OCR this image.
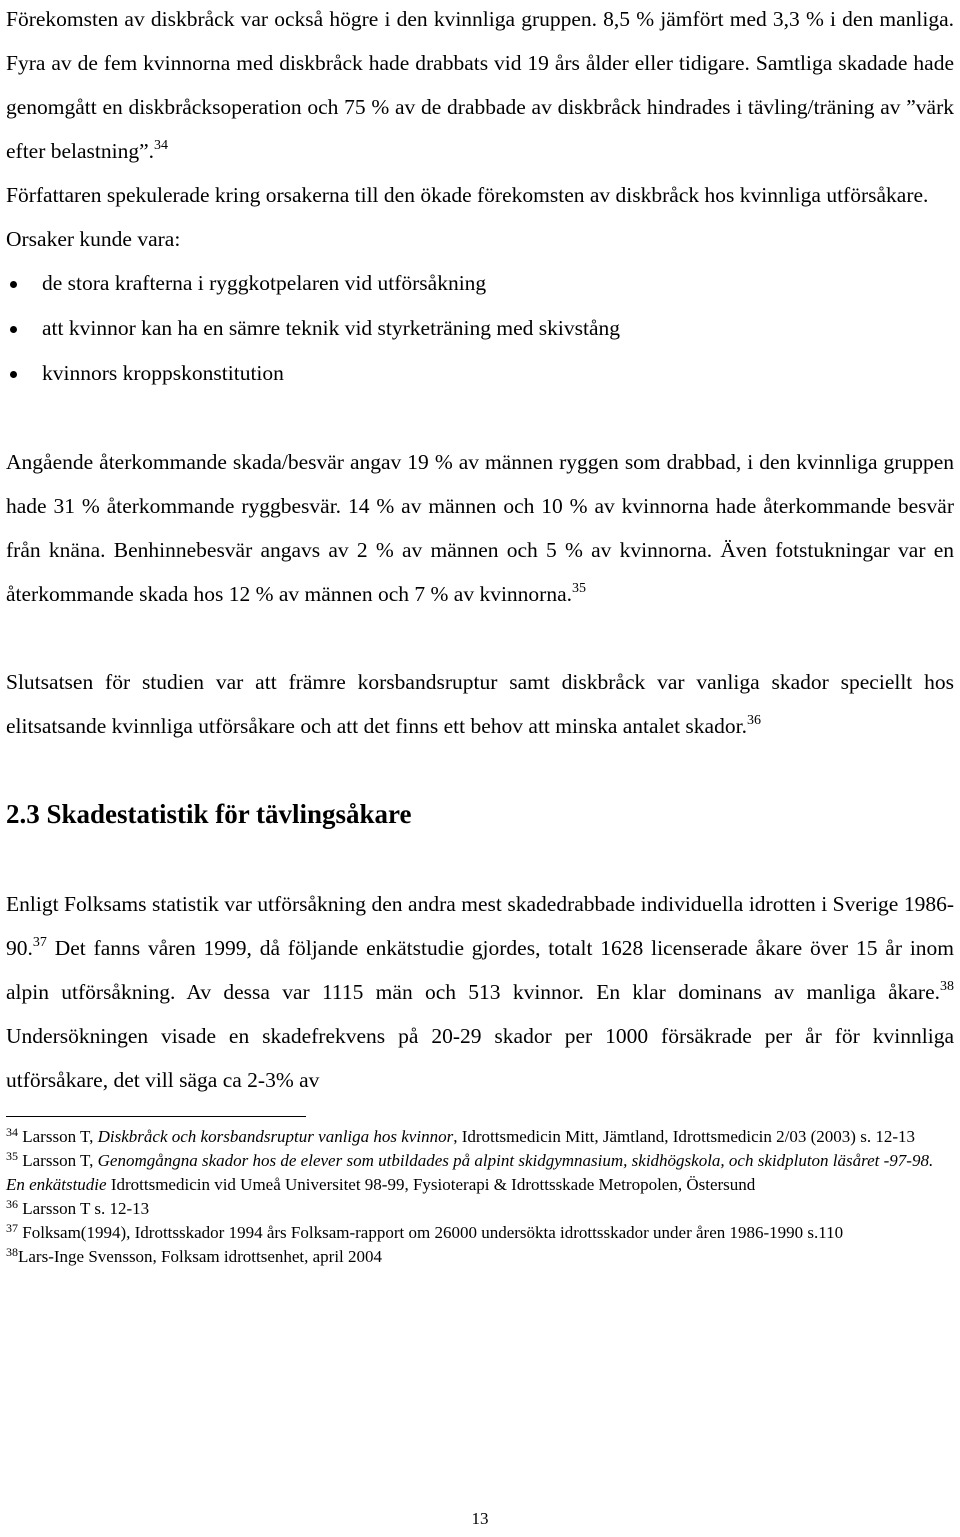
Förekomsten av diskbråck var också högre i den kvinnliga gruppen. 8,5 % jämfört med 3,3 % i den manliga. Fyra av de fem kvinnorna med diskbråck hade drabbats vid 19 års ålder eller tidigare. Samtliga skadade hade genomgått en diskbråcksoperation och 75 % av de drabbade av diskbråck hindrades i tävling/träning av ”värk efter belastning”.$^{34}$

Författaren spekulerade kring orsakerna till den ökade förekomsten av diskbråck hos kvinnliga utförsåkare.

Orsaker kunde vara:

de stora krafterna i ryggkotpelaren vid utförsåkning
att kvinnor kan ha en sämre teknik vid styrketräning med skivstång
kvinnors kroppskonstitution

Angående återkommande skada/besvär angav 19 % av männen ryggen som drabbad, i den kvinnliga gruppen hade 31 % återkommande ryggbesvär. 14 % av männen och 10 % av kvinnorna hade återkommande besvär från knäna. Benhinnebesvär angavs av 2 % av männen och 5 % av kvinnorna. Även fotstukningar var en återkommande skada hos 12 % av männen och 7 % av kvinnorna.$^{35}$

Slutsatsen för studien var att främre korsbandsruptur samt diskbråck var vanliga skador speciellt hos elitsatsande kvinnliga utförsåkare och att det finns ett behov att minska antalet skador.$^{36}$

2.3 Skadestatistik för tävlingsåkare

Enligt Folksams statistik var utförsåkning den andra mest skadedrabbade individuella idrotten i Sverige 1986-90.37 Det fanns våren 1999, då följande enkätstudie gjordes, totalt 1628 licenserade åkare över 15 år inom alpin utförsåkning. Av dessa var 1115 män och 513 kvinnor. En klar dominans av manliga åkare.$^{38}$ Undersökningen visade en skadefrekvens på 20-29 skador per 1000 försäkrade per år för kvinnliga utförsåkare, det vill säga ca 2-3% av

$^{34}$ Larsson T, Diskbråck och korsbandsruptur vanliga hos kvinnor, Idrottsmedicin Mitt, Jämtland, Idrottsmedicin 2/03 (2003) s. 12-13

$^{35}$ Larsson T, Genomgångna skador hos de elever som utbildades på alpint skidgymnasium, skidhögskola, och skidpluton läsåret -97-98. En enkätstudie Idrottsmedicin vid Umeå Universitet 98-99, Fysioterapi & Idrottsskade Metropolen, Östersund

$^{36}$ Larsson T s. 12-13

$^{37}$ Folksam(1994), Idrottsskador 1994 års Folksam-rapport om 26000 undersökta idrottsskador under åren 1986-1990 s.110

$^{38}$Lars-Inge Svensson, Folksam idrottsenhet, april 2004

13
